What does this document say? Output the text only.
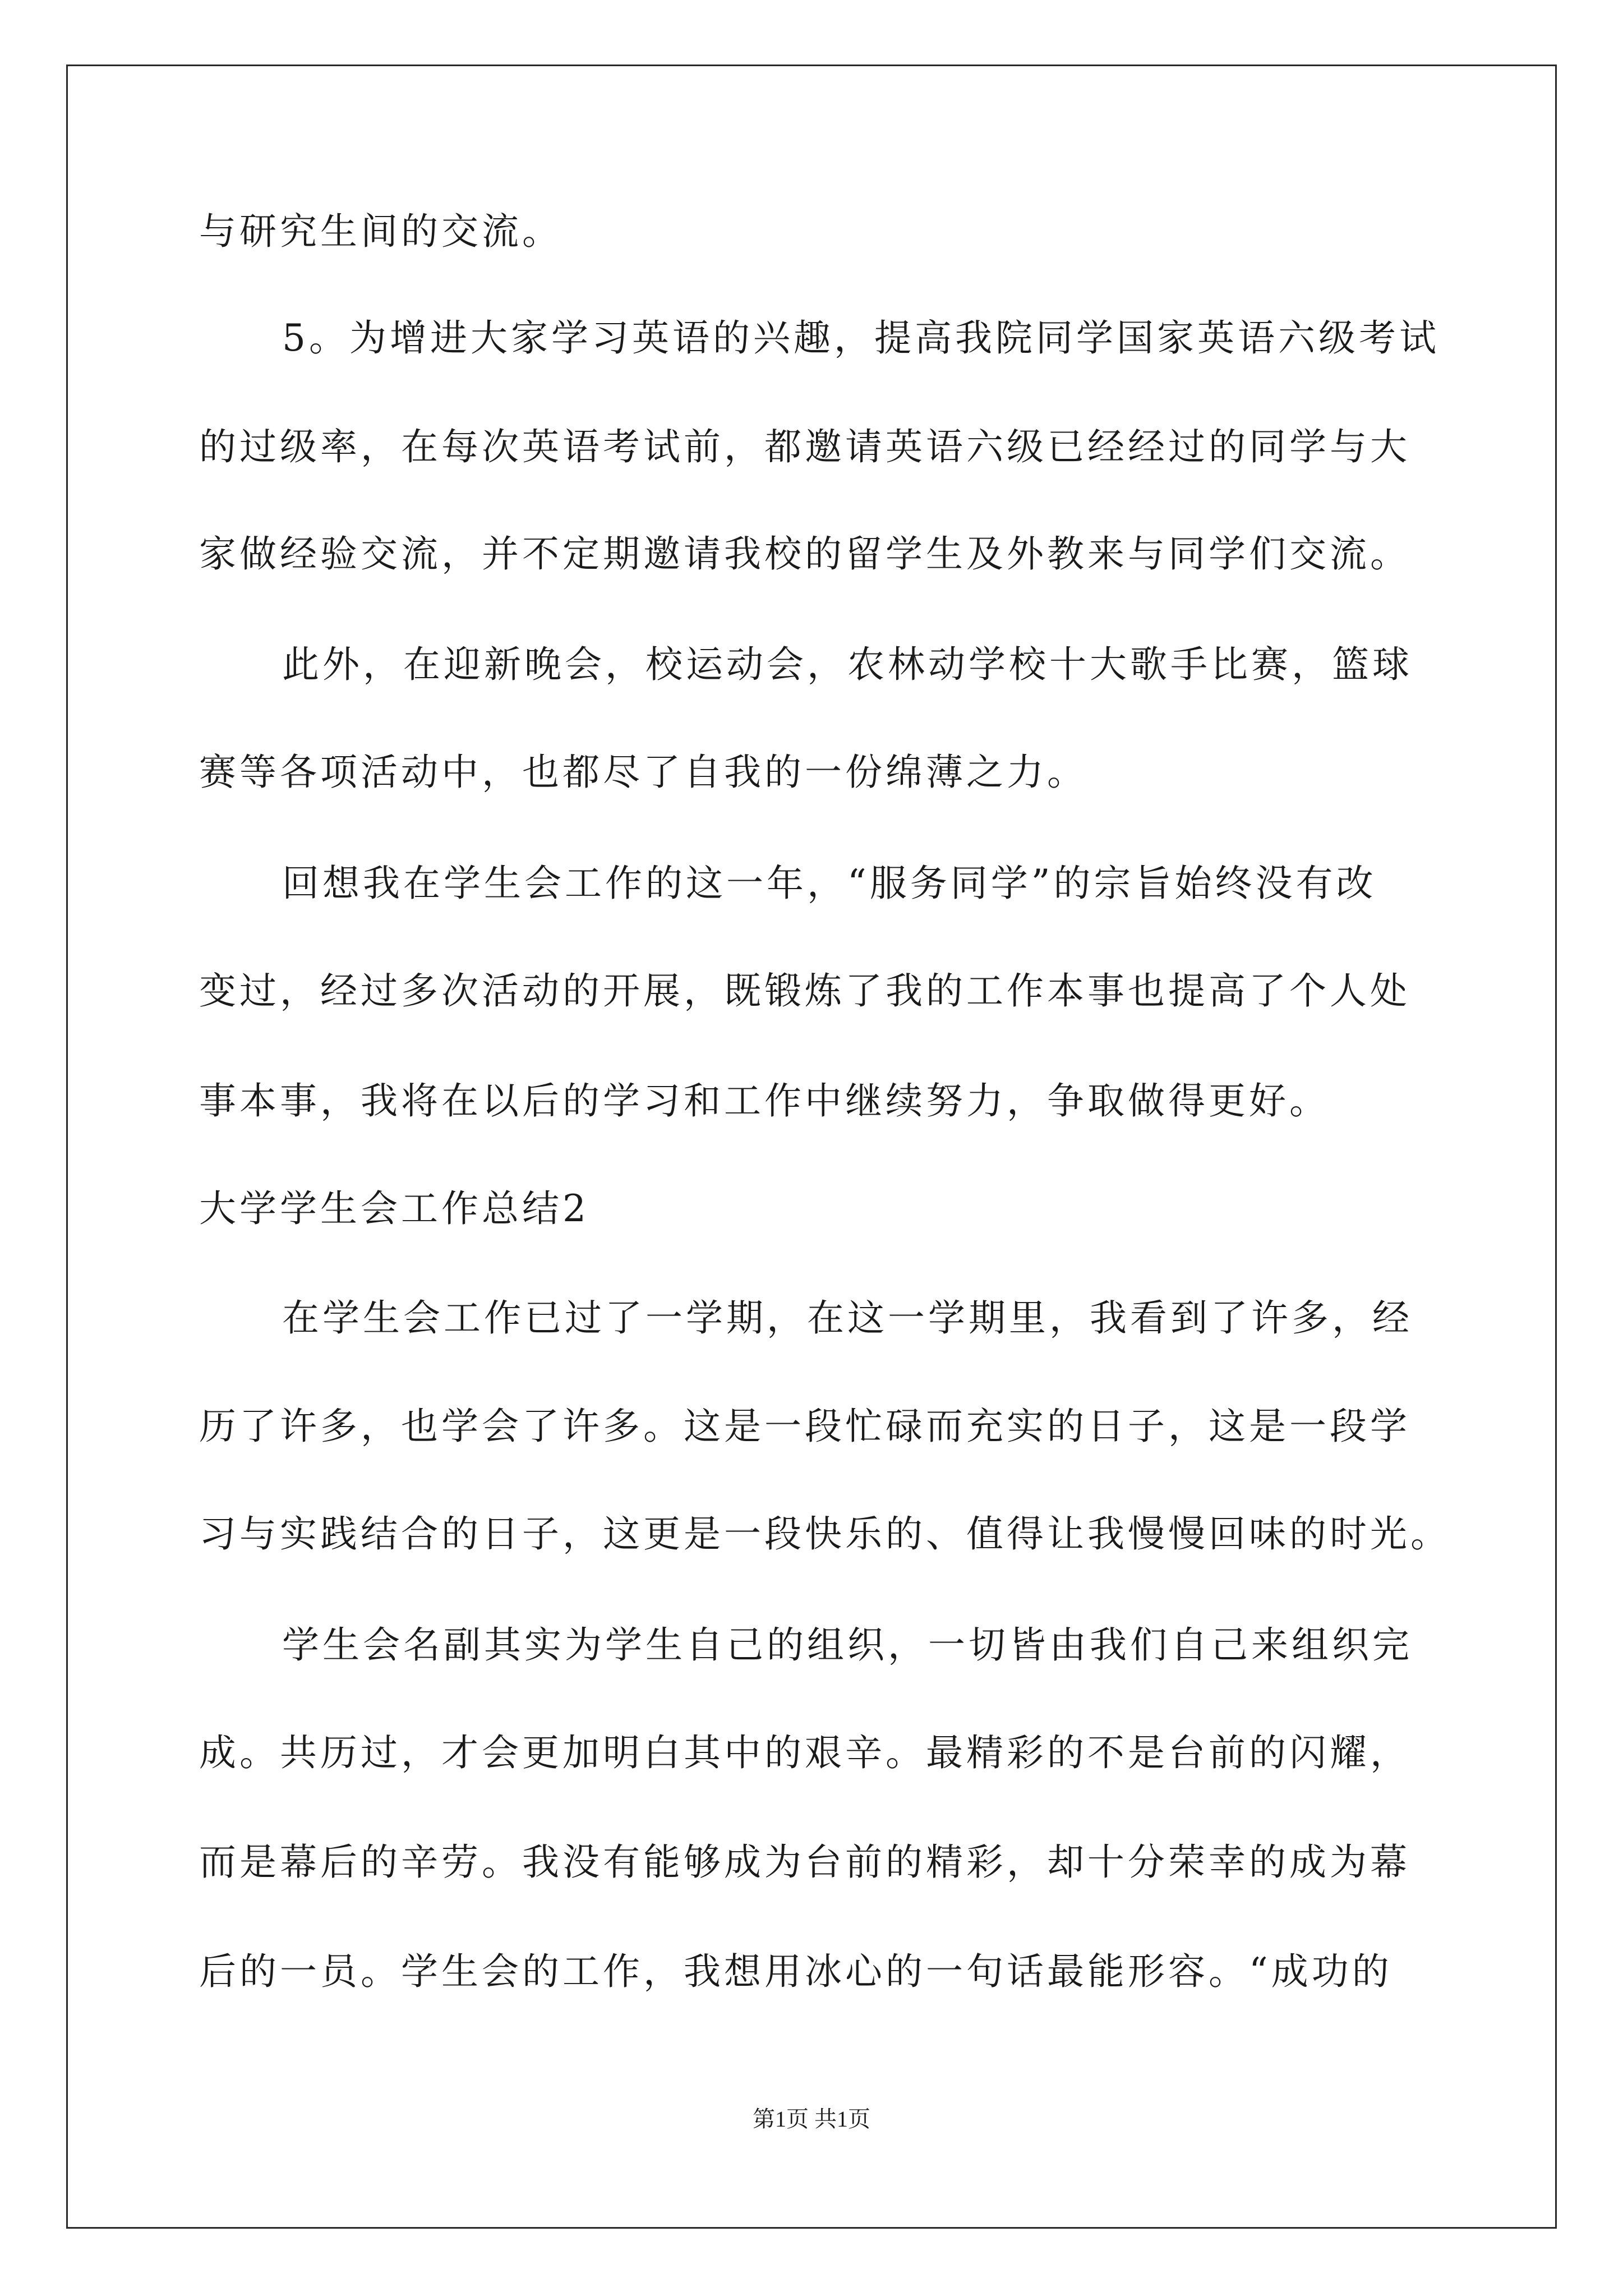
与研究生间的交流。

5。为增进大家学习英语的兴趣，提高我院同学国家英语六级考试

的过级率，在每次英语考试前，都邀请英语六级已经经过的同学与大

家做经验交流，并不定期邀请我校的留学生及外教来与同学们交流。

此外，在迎新晚会，校运动会，农林动学校十大歌手比赛，篮球

赛等各项活动中，也都尽了自我的一份绵薄之力。

回想我在学生会工作的这一年，“服务同学”的宗旨始终没有改

变过，经过多次活动的开展，既锻炼了我的工作本事也提高了个人处

事本事，我将在以后的学习和工作中继续努力，争取做得更好。

大学学生会工作总结2

在学生会工作已过了一学期，在这一学期里，我看到了许多，经

历了许多，也学会了许多。这是一段忙碌而充实的日子，这是一段学

习与实践结合的日子，这更是一段快乐的、值得让我慢慢回味的时光。

学生会名副其实为学生自己的组织，一切皆由我们自己来组织完

成。共历过，才会更加明白其中的艰辛。最精彩的不是台前的闪耀，

而是幕后的辛劳。我没有能够成为台前的精彩，却十分荣幸的成为幕

后的一员。学生会的工作，我想用冰心的一句话最能形容。“成功的

第1页 共1页
